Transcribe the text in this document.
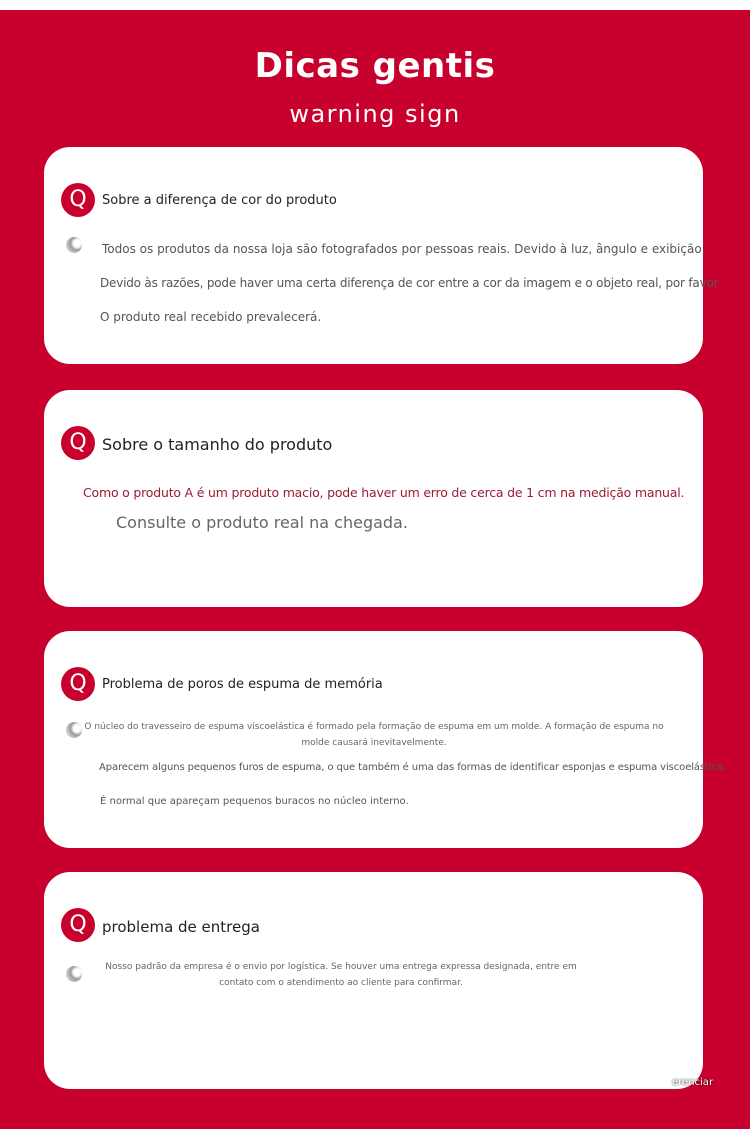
Dicas gentis
warning sign
Q	Sobre a diferença de cor do produto
Todos os produtos da nossa loja são fotografados por pessoas reais. Devido à luz, ângulo e exibição,
Devido às razões, pode haver uma certa diferença de cor entre a cor da imagem e o objeto real, por favor
O produto real recebido prevalecerá.
Q Sobre o tamanho do produto
Como o produto A é um produto macio, pode haver um erro de cerca de 1 cm na medição manual.
Consulte o produto real na chegada.
Q	Problema de poros de espuma de memória
O núcleo do travesseiro de espuma viscoelástica é formado pela formação de espuma em um molde. A formação de espuma no molde causará inevitavelmente.
Aparecem alguns pequenos furos de espuma, o que também é uma das formas de identificar esponjas e espuma viscoelástica.
É normal que apareçam pequenos buracos no núcleo interno.
Q	problema de entrega
Nosso padrão da empresa é o envio por logística. Se houver uma entrega expressa designada, entre em contato com o atendimento ao cliente para confirmar.
erenciar
